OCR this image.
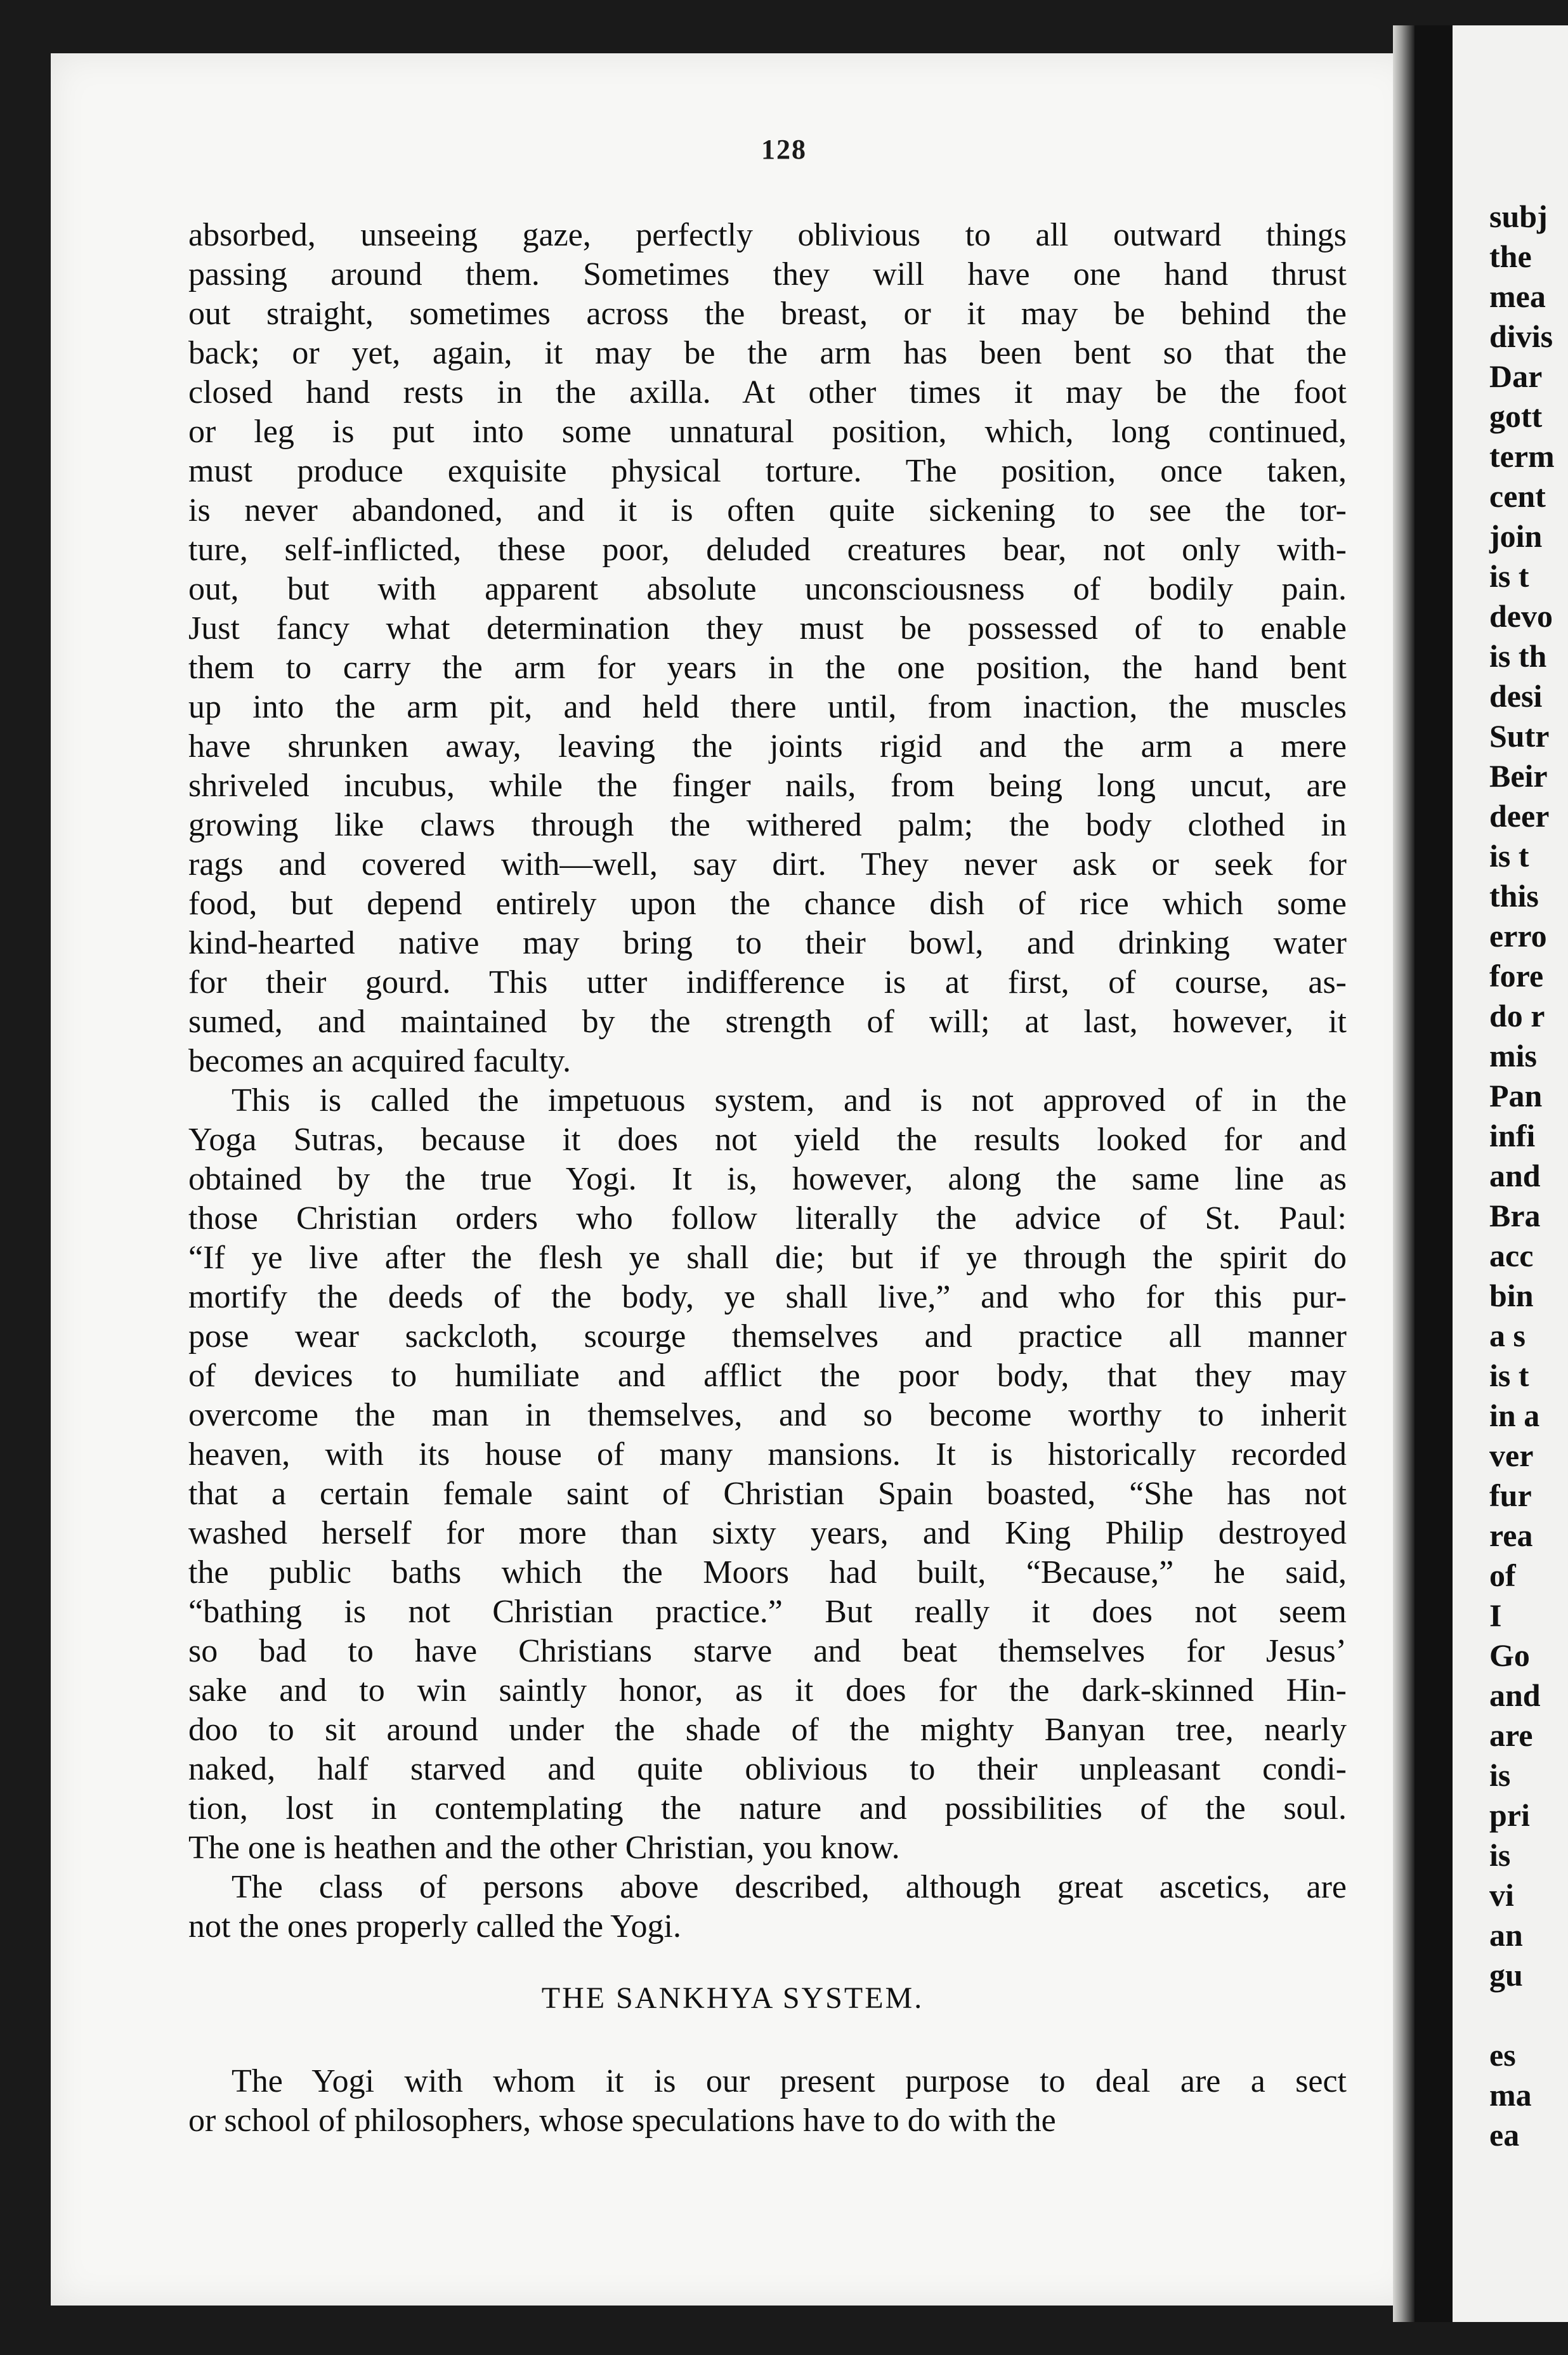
128
absorbed, unseeing gaze, perfectly oblivious to all outward things
passing around them. Sometimes they will have one hand thrust
out straight, sometimes across the breast, or it may be behind the
back; or yet, again, it may be the arm has been bent so that the
closed hand rests in the axilla. At other times it may be the foot
or leg is put into some unnatural position, which, long continued,
must produce exquisite physical torture. The position, once taken,
is never abandoned, and it is often quite sickening to see the tor-
ture, self-inflicted, these poor, deluded creatures bear, not only with-
out, but with apparent absolute unconsciousness of bodily pain.
Just fancy what determination they must be possessed of to enable
them to carry the arm for years in the one position, the hand bent
up into the arm pit, and held there until, from inaction, the muscles
have shrunken away, leaving the joints rigid and the arm a mere
shriveled incubus, while the finger nails, from being long uncut, are
growing like claws through the withered palm; the body clothed in
rags and covered with—well, say dirt. They never ask or seek for
food, but depend entirely upon the chance dish of rice which some
kind-hearted native may bring to their bowl, and drinking water
for their gourd. This utter indifference is at first, of course, as-
sumed, and maintained by the strength of will; at last, however, it
becomes an acquired faculty.
This is called the impetuous system, and is not approved of in the
Yoga Sutras, because it does not yield the results looked for and
obtained by the true Yogi. It is, however, along the same line as
those Christian orders who follow literally the advice of St. Paul:
“If ye live after the flesh ye shall die; but if ye through the spirit do
mortify the deeds of the body, ye shall live,” and who for this pur-
pose wear sackcloth, scourge themselves and practice all manner
of devices to humiliate and afflict the poor body, that they may
overcome the man in themselves, and so become worthy to inherit
heaven, with its house of many mansions. It is historically recorded
that a certain female saint of Christian Spain boasted, “She has not
washed herself for more than sixty years, and King Philip destroyed
the public baths which the Moors had built, “Because,” he said,
“bathing is not Christian practice.” But really it does not seem
so bad to have Christians starve and beat themselves for Jesus’
sake and to win saintly honor, as it does for the dark-skinned Hin-
doo to sit around under the shade of the mighty Banyan tree, nearly
naked, half starved and quite oblivious to their unpleasant condi-
tion, lost in contemplating the nature and possibilities of the soul.
The one is heathen and the other Christian, you know.
The class of persons above described, although great ascetics, are
not the ones properly called the Yogi.
THE SANKHYA SYSTEM.
The Yogi with whom it is our present purpose to deal are a sect
or school of philosophers, whose speculations have to do with the
subj
the
mea
divis
Dar
gott
term
cent
join
is t
devo
is th
desi
Sutr
Beir
deer
is t
this
erro
fore
do r
mis
Pan
infi
and
Bra
acc
bin
a s
is t
in a
ver
fur
rea
of
I
Go
and
are
is
pri
is
vi
an
gu
es
ma
ea
